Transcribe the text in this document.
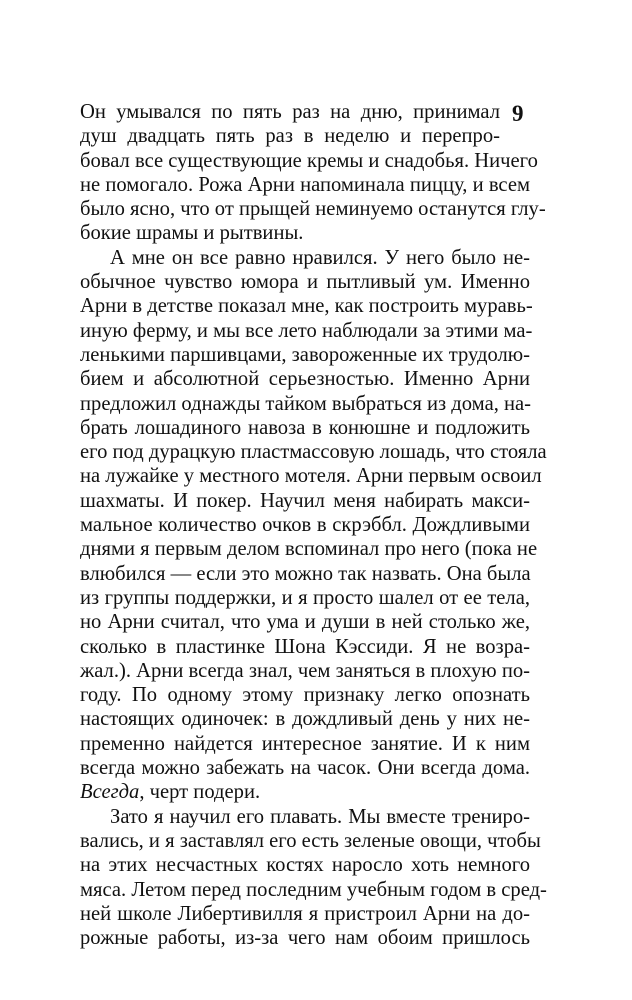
9
Он умывался по пять раз на дню, принимал
душ двадцать пять раз в неделю и перепро-
бовал все существующие кремы и снадобья. Ничего
не помогало. Рожа Арни напоминала пиццу, и всем
было ясно, что от прыщей неминуемо останутся глу-
бокие шрамы и рытвины.
А мне он все равно нравился. У него было не-
обычное чувство юмора и пытливый ум. Именно
Арни в детстве показал мне, как построить муравь-
иную ферму, и мы все лето наблюдали за этими ма-
ленькими паршивцами, завороженные их трудолю-
бием и абсолютной серьезностью. Именно Арни
предложил однажды тайком выбраться из дома, на-
брать лошадиного навоза в конюшне и подложить
его под дурацкую пластмассовую лошадь, что стояла
на лужайке у местного мотеля. Арни первым освоил
шахматы. И покер. Научил меня набирать макси-
мальное количество очков в скрэббл. Дождливыми
днями я первым делом вспоминал про него (пока не
влюбился — если это можно так назвать. Она была
из группы поддержки, и я просто шалел от ее тела,
но Арни считал, что ума и души в ней столько же,
сколько в пластинке Шона Кэссиди. Я не возра-
жал.). Арни всегда знал, чем заняться в плохую по-
году. По одному этому признаку легко опознать
настоящих одиночек: в дождливый день у них не-
пременно найдется интересное занятие. И к ним
всегда можно забежать на часок. Они всегда дома.
Всегда, черт подери.
Зато я научил его плавать. Мы вместе трениро-
вались, и я заставлял его есть зеленые овощи, чтобы
на этих несчастных костях наросло хоть немного
мяса. Летом перед последним учебным годом в сред-
ней школе Либертивилля я пристроил Арни на до-
рожные работы, из-за чего нам обоим пришлось
